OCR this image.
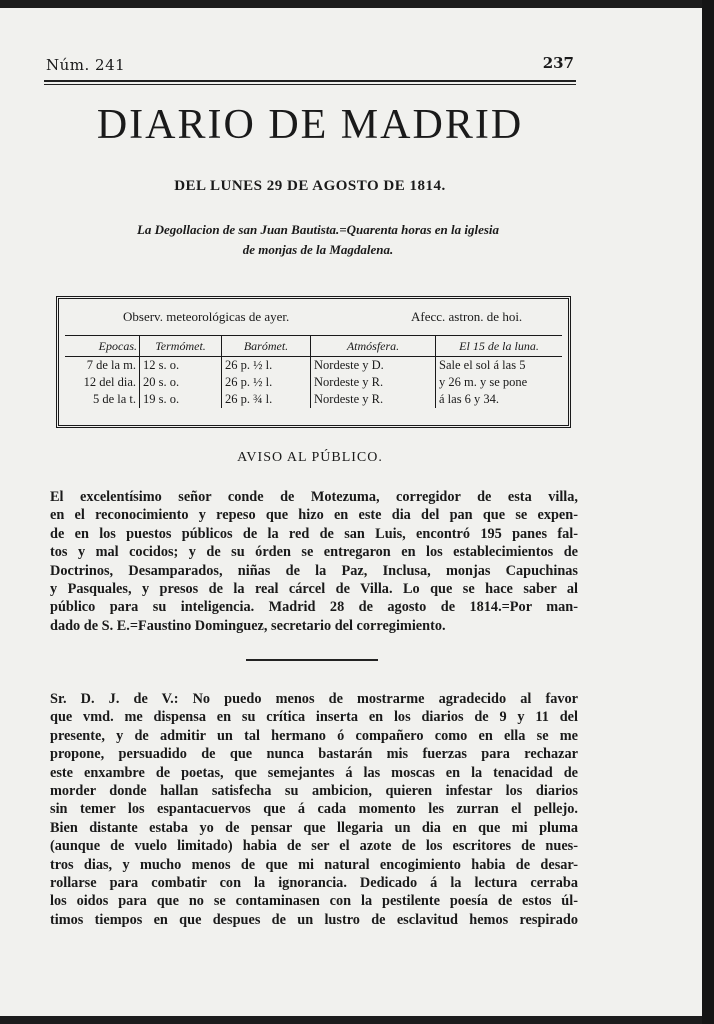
Núm. 241	237
DIARIO DE MADRID
DEL LUNES 29 DE AGOSTO DE 1814.
La Degollacion de san Juan Bautista.=Quarenta horas en la iglesia
de monjas de la Magdalena.
Observ. meteorológicas de ayer.	Afecc. astron. de hoi.
Epocas.	Termómet.	Barómet.	Atmósfera.	El 15 de la luna.
7 de la m.	12 s. o.	26 p. ½ l.	Nordeste y D.	Sale el sol á las 5
12 del dia.	20 s. o.	26 p. ½ l.	Nordeste y R.	y 26 m. y se pone
5 de la t.	19 s. o.	26 p. ¾ l.	Nordeste y R.	á las 6 y 34.
AVISO AL PÚBLICO.
El excelentísimo señor conde de Motezuma, corregidor de esta villa,
en el reconocimiento y repeso que hizo en este dia del pan que se expen-
de en los puestos públicos de la red de san Luis, encontró 195 panes fal-
tos y mal cocidos; y de su órden se entregaron en los establecimientos de
Doctrinos, Desamparados, niñas de la Paz, Inclusa, monjas Capuchinas
y Pasquales, y presos de la real cárcel de Villa. Lo que se hace saber al
público para su inteligencia. Madrid 28 de agosto de 1814.=Por man-
dado de S. E.=Faustino Dominguez, secretario del corregimiento.
Sr. D. J. de V.: No puedo menos de mostrarme agradecido al favor
que vmd. me dispensa en su crítica inserta en los diarios de 9 y 11 del
presente, y de admitir un tal hermano ó compañero como en ella se me
propone, persuadido de que nunca bastarán mis fuerzas para rechazar
este enxambre de poetas, que semejantes á las moscas en la tenacidad de
morder donde hallan satisfecha su ambicion, quieren infestar los diarios
sin temer los espantacuervos que á cada momento les zurran el pellejo.
Bien distante estaba yo de pensar que llegaria un dia en que mi pluma
(aunque de vuelo limitado) habia de ser el azote de los escritores de nues-
tros dias, y mucho menos de que mi natural encogimiento habia de desar-
rollarse para combatir con la ignorancia. Dedicado á la lectura cerraba
los oidos para que no se contaminasen con la pestilente poesía de estos úl-
timos tiempos en que despues de un lustro de esclavitud hemos respirado
